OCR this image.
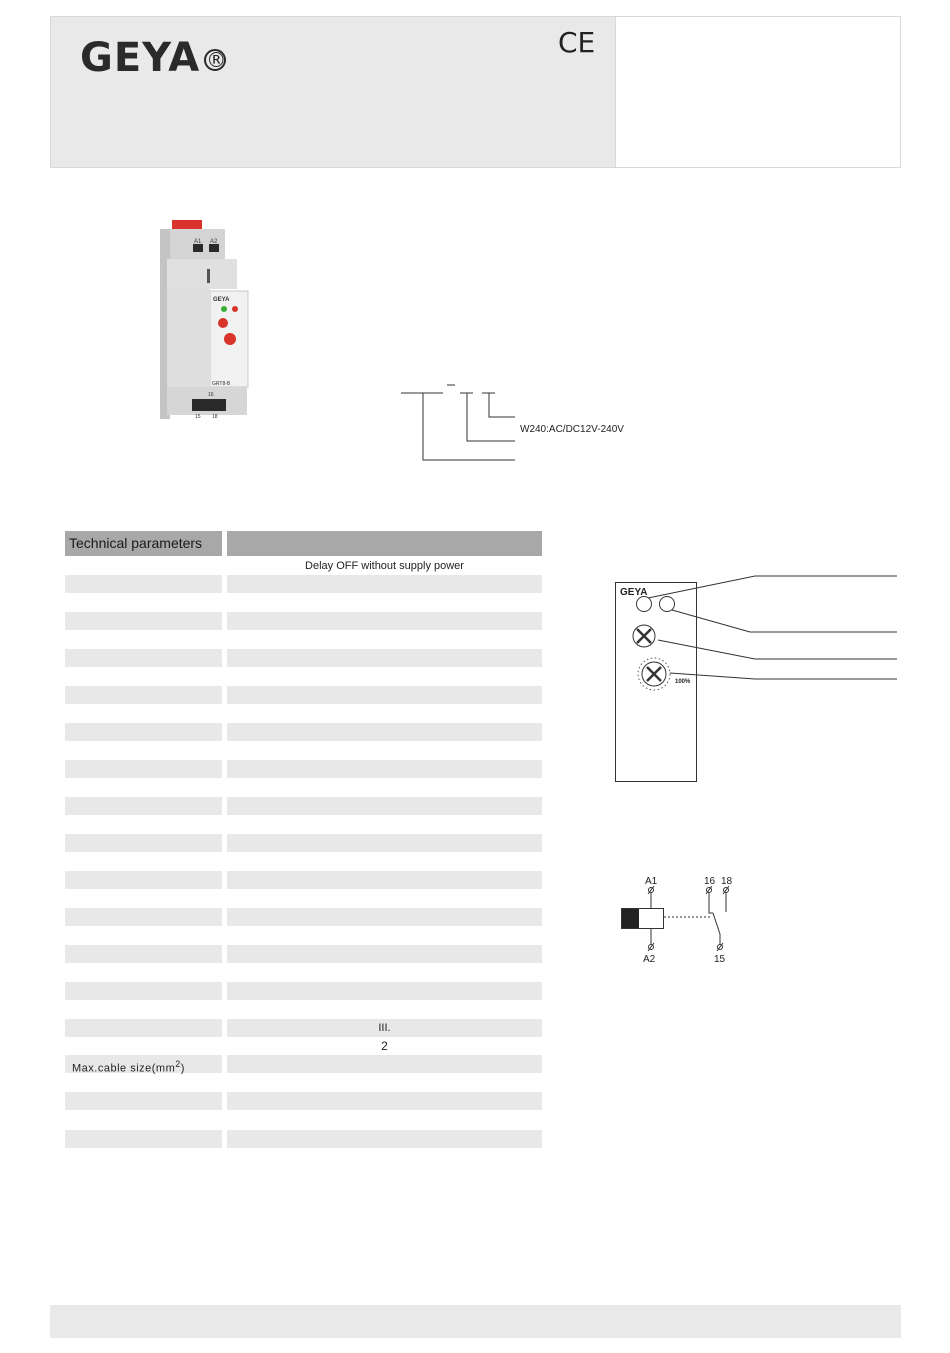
GEYA ®
CE
A1 A2
GEYA
GRT8-B
16
15 18
W240:AC/DC12V-240V
Technical parameters
Delay OFF without supply power
III.
2
Max.cable $size(mm^2)$
GEYA
100%
A1	16 18
A2	15
